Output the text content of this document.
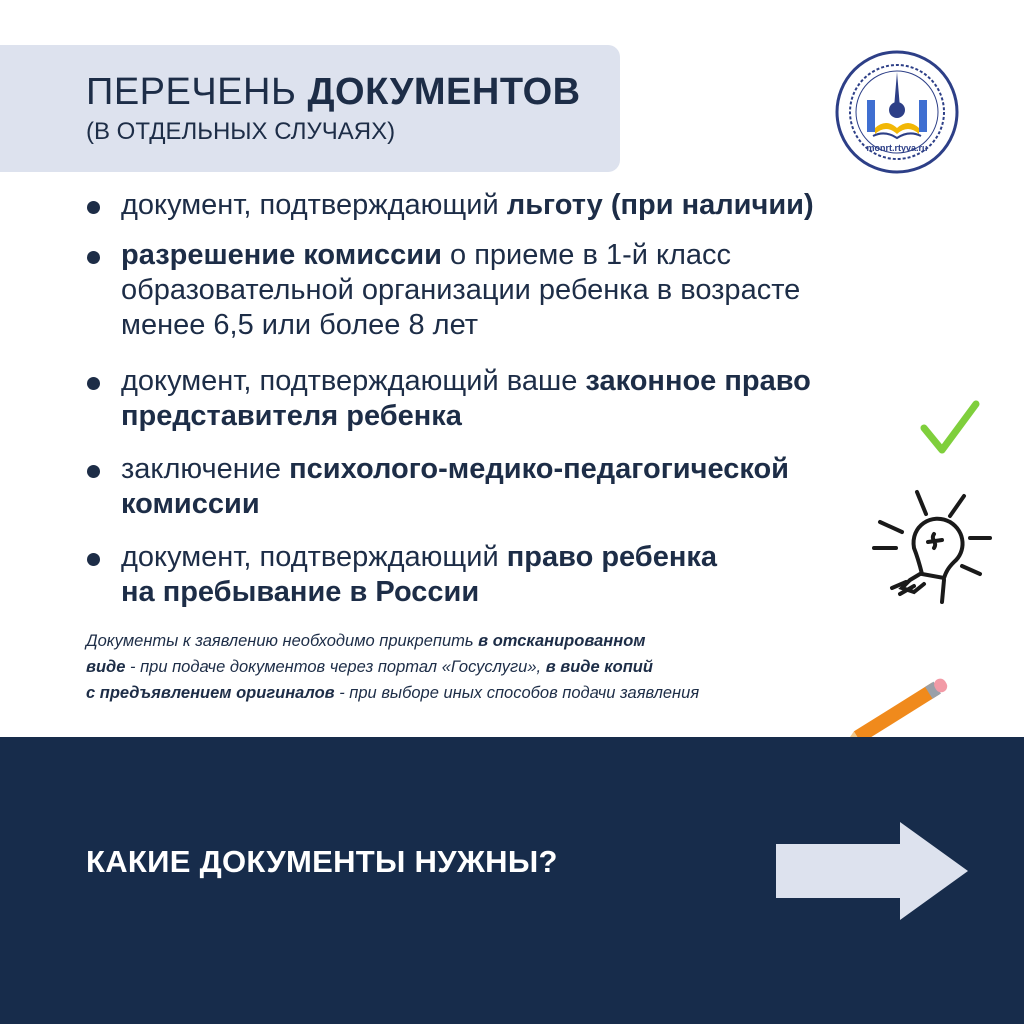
ПЕРЕЧЕНЬ ДОКУМЕНТОВ
(В ОТДЕЛЬНЫХ СЛУЧАЯХ)
monrt.rtyva.ru
документ, подтверждающий льготу (при наличии)
разрешение комиссии о приеме в 1-й класс
образовательной организации ребенка в возрасте
менее 6,5 или более 8 лет
документ, подтверждающий ваше законное право
представителя ребенка
заключение психолого-медико-педагогической
комиссии
документ, подтверждающий право ребенка
на пребывание в России
Документы к заявлению необходимо прикрепить в отсканированном
виде - при подаче документов через портал «Госуслуги», в виде копий
с предъявлением оригиналов - при выборе иных способов подачи заявления
КАКИЕ ДОКУМЕНТЫ НУЖНЫ?
